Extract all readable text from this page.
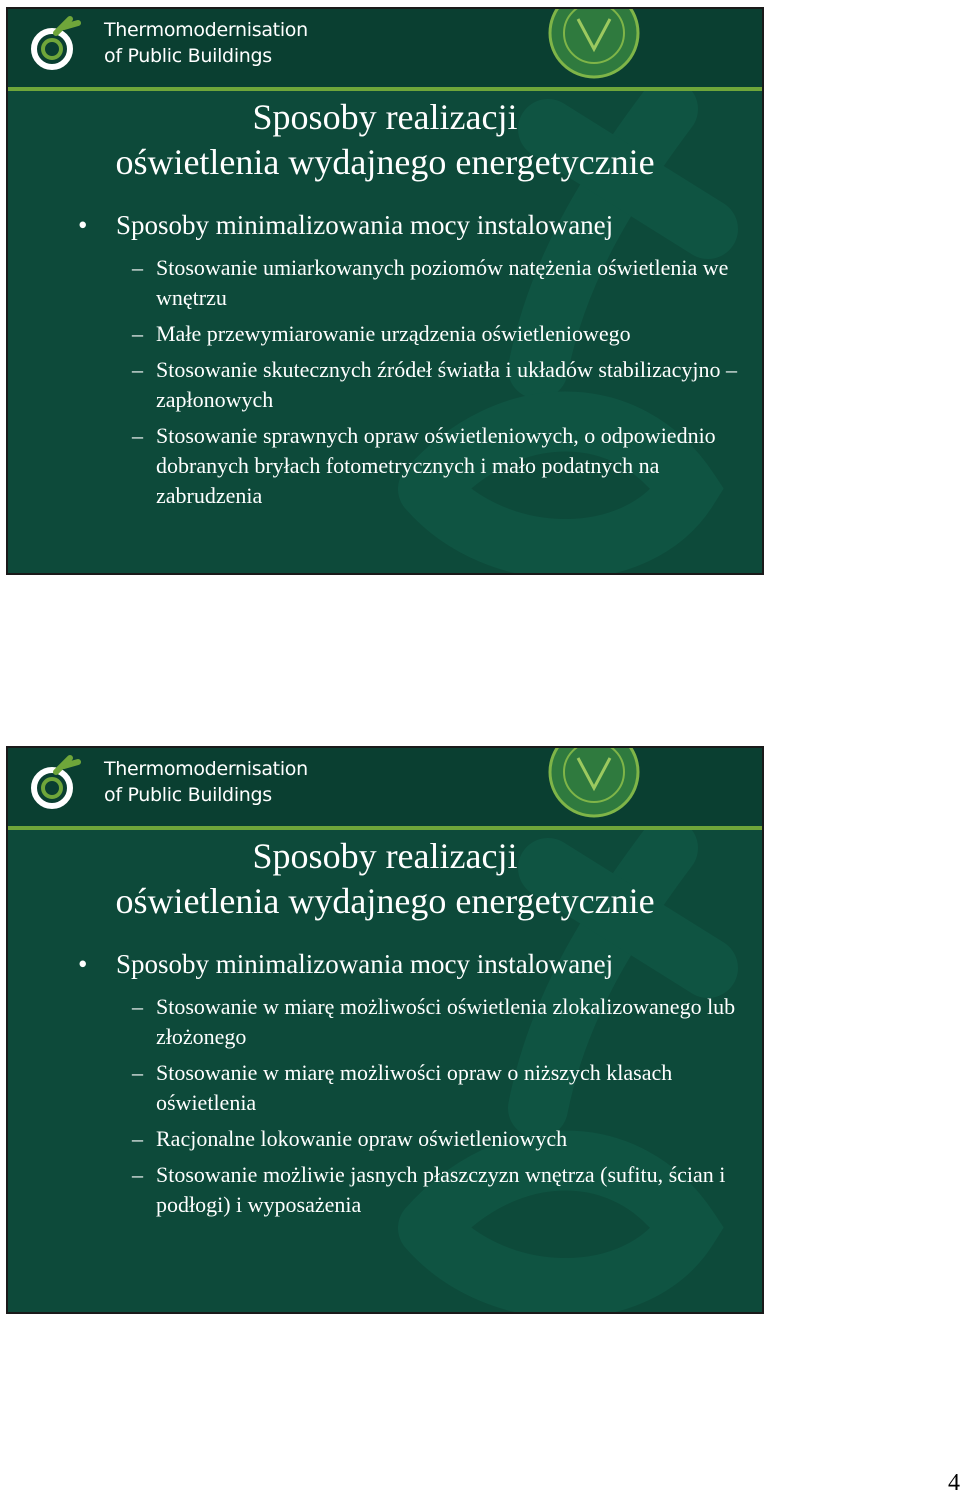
Thermomodernisation
of Public Buildings
Sposoby realizacji
oświetlenia wydajnego energetycznie
•	Sposoby minimalizowania mocy instalowanej
– Stosowanie umiarkowanych poziomów natężenia oświetlenia we wnętrzu
– Małe przewymiarowanie urządzenia oświetleniowego
– Stosowanie skutecznych źródeł światła i układów stabilizacyjno – zapłonowych
– Stosowanie sprawnych opraw oświetleniowych, o odpowiednio dobranych bryłach fotometrycznych i mało podatnych na zabrudzenia
Thermomodernisation
of Public Buildings
Sposoby realizacji
oświetlenia wydajnego energetycznie
•	Sposoby minimalizowania mocy instalowanej
– Stosowanie w miarę możliwości oświetlenia zlokalizowanego lub złożonego
– Stosowanie w miarę możliwości opraw o niższych klasach oświetlenia
– Racjonalne lokowanie opraw oświetleniowych
– Stosowanie możliwie jasnych płaszczyzn wnętrza (sufitu, ścian i podłogi) i wyposażenia
4
